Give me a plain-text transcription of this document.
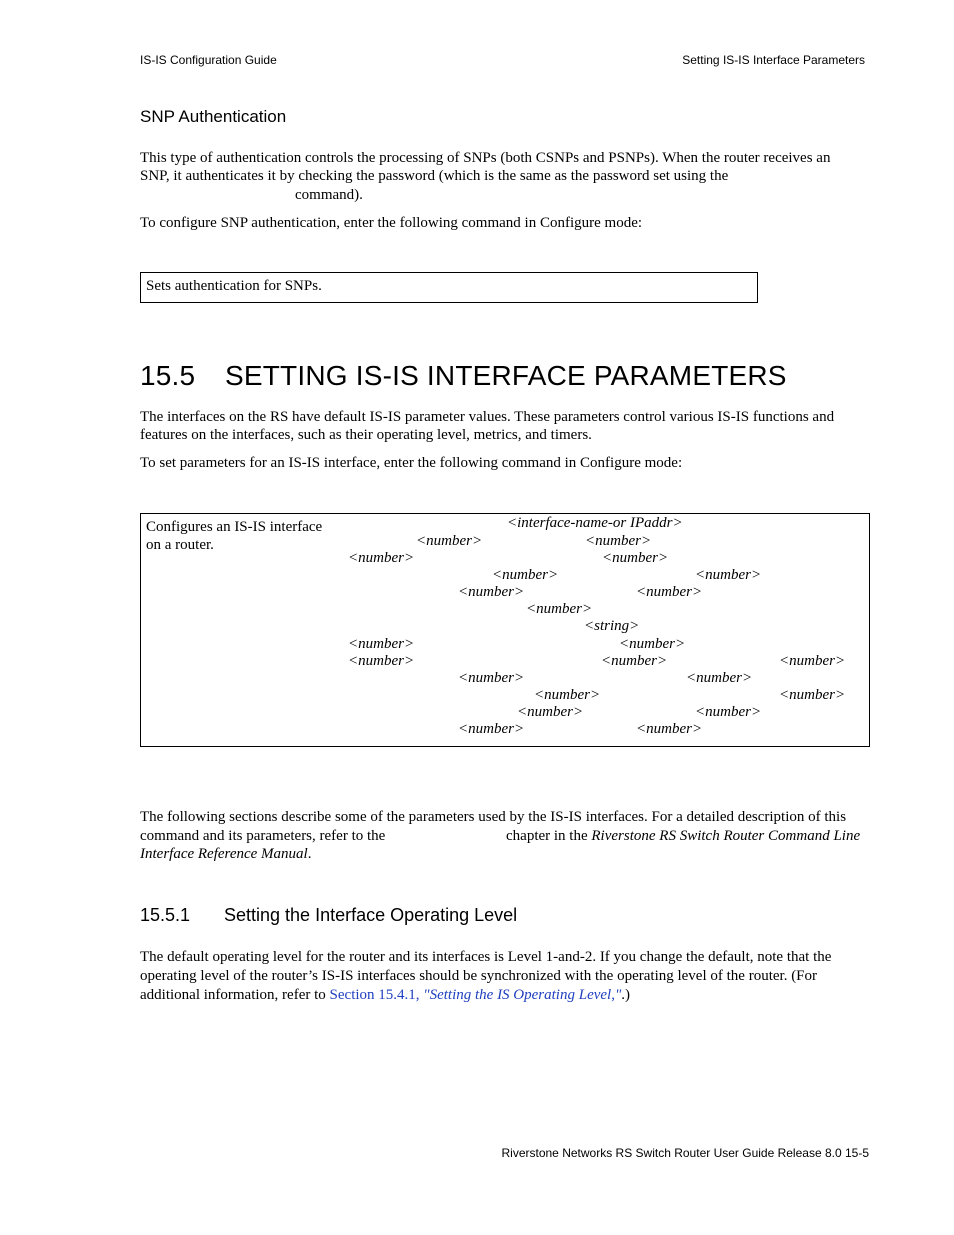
IS-IS Configuration Guide	Setting IS-IS Interface Parameters
SNP Authentication
This type of authentication controls the processing of SNPs (both CSNPs and PSNPs). When the router receives an
SNP, it authenticates it by checking the password (which is the same as the password set using the
command).
To configure SNP authentication, enter the following command in Configure mode:
Sets authentication for SNPs.
15.5 SETTING IS-IS INTERFACE PARAMETERS
The interfaces on the RS have default IS-IS parameter values. These parameters control various IS-IS functions and
features on the interfaces, such as their operating level, metrics, and timers.
To set parameters for an IS-IS interface, enter the following command in Configure mode:
Configures an IS-IS interface
on a router.
<interface-name-or IPaddr>
<number>	<number>
<number>	<number>
<number>	<number>
<number>	<number>
<number>
<string>
<number>	<number>
<number>	<number>	<number>
<number>	<number>
<number>	<number>
<number>	<number>
<number>	<number>
The following sections describe some of the parameters used by the IS-IS interfaces. For a detailed description of this
command and its parameters, refer to the	chapter in the Riverstone RS Switch Router Command Line
Interface Reference Manual.
15.5.1 Setting the Interface Operating Level
The default operating level for the router and its interfaces is Level 1-and-2. If you change the default, note that the
operating level of the router’s IS-IS interfaces should be synchronized with the operating level of the router. (For
additional information, refer to Section 15.4.1, "Setting the IS Operating Level,".)
Riverstone Networks RS Switch Router User Guide Release 8.0 15-5
